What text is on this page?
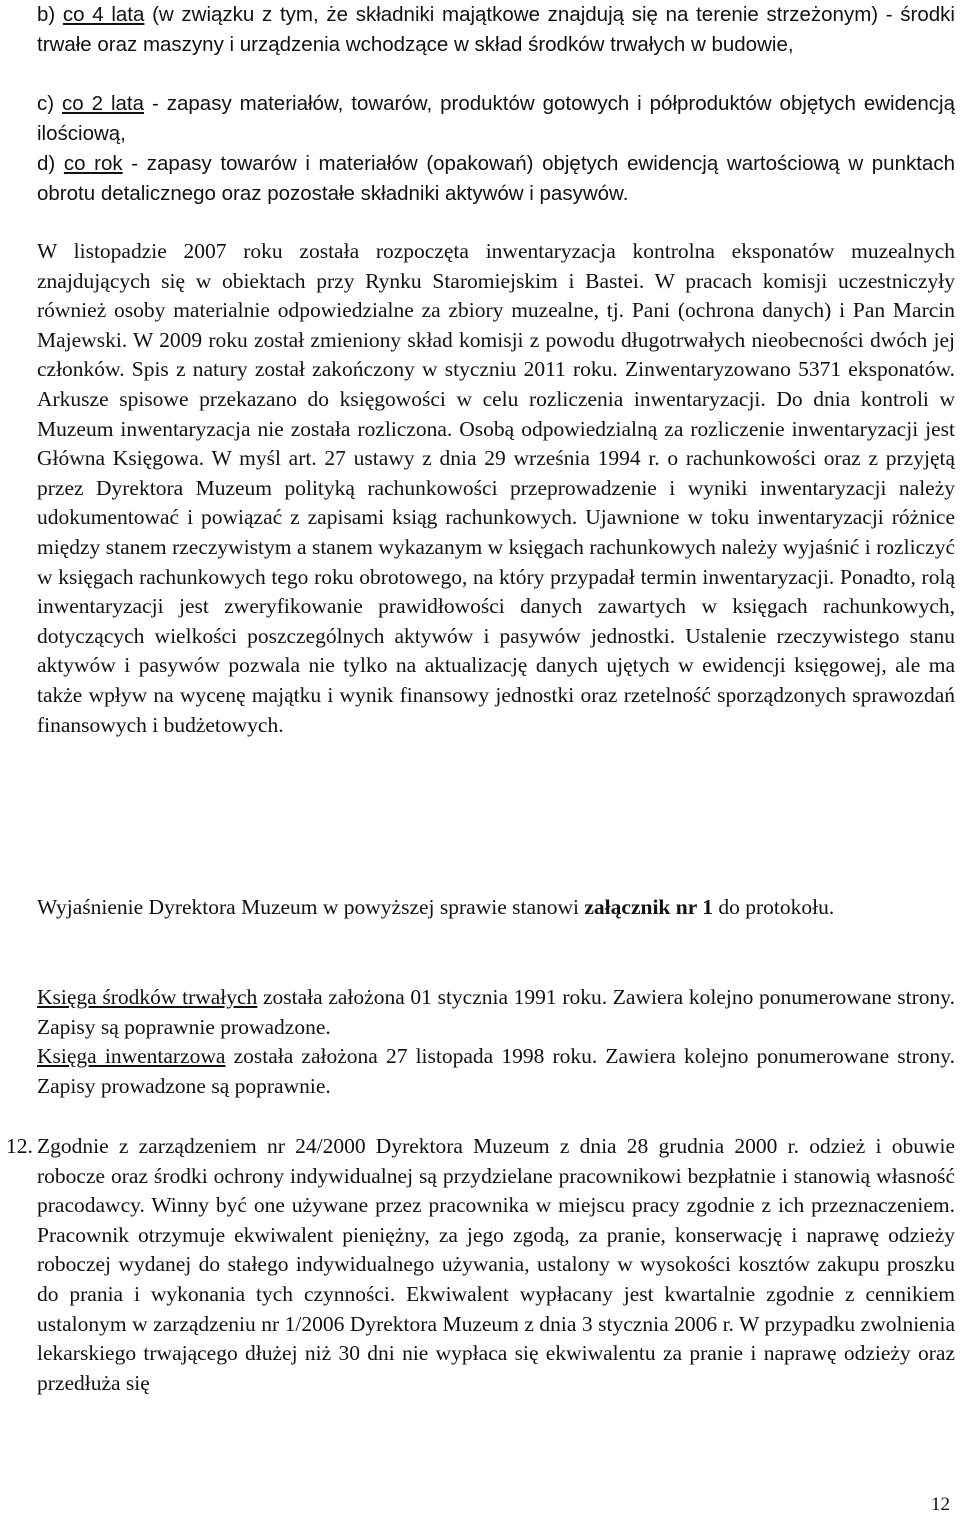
b) co 4 lata (w związku z tym, że składniki majątkowe znajdują się na terenie strzeżonym) - środki trwałe oraz maszyny i urządzenia wchodzące w skład środków trwałych w budowie,
c) co 2 lata - zapasy materiałów, towarów, produktów gotowych i półproduktów objętych ewidencją ilościową,
d) co rok - zapasy towarów i materiałów (opakowań) objętych ewidencją wartościową w punktach obrotu detalicznego oraz pozostałe składniki aktywów i pasywów.
W listopadzie 2007 roku została rozpoczęta inwentaryzacja kontrolna eksponatów muzealnych znajdujących się w obiektach przy Rynku Staromiejskim i Bastei. W pracach komisji uczestniczyły również osoby materialnie odpowiedzialne za zbiory muzealne, tj. Pani (ochrona danych) i Pan Marcin Majewski. W 2009 roku został zmieniony skład komisji z powodu długotrwałych nieobecności dwóch jej członków. Spis z natury został zakończony w styczniu 2011 roku. Zinwentaryzowano 5371 eksponatów. Arkusze spisowe przekazano do księgowości w celu rozliczenia inwentaryzacji. Do dnia kontroli w Muzeum inwentaryzacja nie została rozliczona. Osobą odpowiedzialną za rozliczenie inwentaryzacji jest Główna Księgowa. W myśl art. 27 ustawy z dnia 29 września 1994 r. o rachunkowości oraz z przyjętą przez Dyrektora Muzeum polityką rachunkowości przeprowadzenie i wyniki inwentaryzacji należy udokumentować i powiązać z zapisami ksiąg rachunkowych. Ujawnione w toku inwentaryzacji różnice między stanem rzeczywistym a stanem wykazanym w księgach rachunkowych należy wyjaśnić i rozliczyć w księgach rachunkowych tego roku obrotowego, na który przypadał termin inwentaryzacji. Ponadto, rolą inwentaryzacji jest zweryfikowanie prawidłowości danych zawartych w księgach rachunkowych, dotyczących wielkości poszczególnych aktywów i pasywów jednostki. Ustalenie rzeczywistego stanu aktywów i pasywów pozwala nie tylko na aktualizację danych ujętych w ewidencji księgowej, ale ma także wpływ na wycenę majątku i wynik finansowy jednostki oraz rzetelność sporządzonych sprawozdań finansowych i budżetowych.
Wyjaśnienie Dyrektora Muzeum w powyższej sprawie stanowi załącznik nr 1 do protokołu.
Księga środków trwałych została założona 01 stycznia 1991 roku. Zawiera kolejno ponumerowane strony. Zapisy są poprawnie prowadzone.
Księga inwentarzowa została założona 27 listopada 1998 roku. Zawiera kolejno ponumerowane strony. Zapisy prowadzone są poprawnie.
12. Zgodnie z zarządzeniem nr 24/2000 Dyrektora Muzeum z dnia 28 grudnia 2000 r. odzież i obuwie robocze oraz środki ochrony indywidualnej są przydzielane pracownikowi bezpłatnie i stanowią własność pracodawcy. Winny być one używane przez pracownika w miejscu pracy zgodnie z ich przeznaczeniem. Pracownik otrzymuje ekwiwalent pieniężny, za jego zgodą, za pranie, konserwację i naprawę odzieży roboczej wydanej do stałego indywidualnego używania, ustalony w wysokości kosztów zakupu proszku do prania i wykonania tych czynności. Ekwiwalent wypłacany jest kwartalnie zgodnie z cennikiem ustalonym w zarządzeniu nr 1/2006 Dyrektora Muzeum z dnia 3 stycznia 2006 r. W przypadku zwolnienia lekarskiego trwającego dłużej niż 30 dni nie wypłaca się ekwiwalentu za pranie i naprawę odzieży oraz przedłuża się
12
